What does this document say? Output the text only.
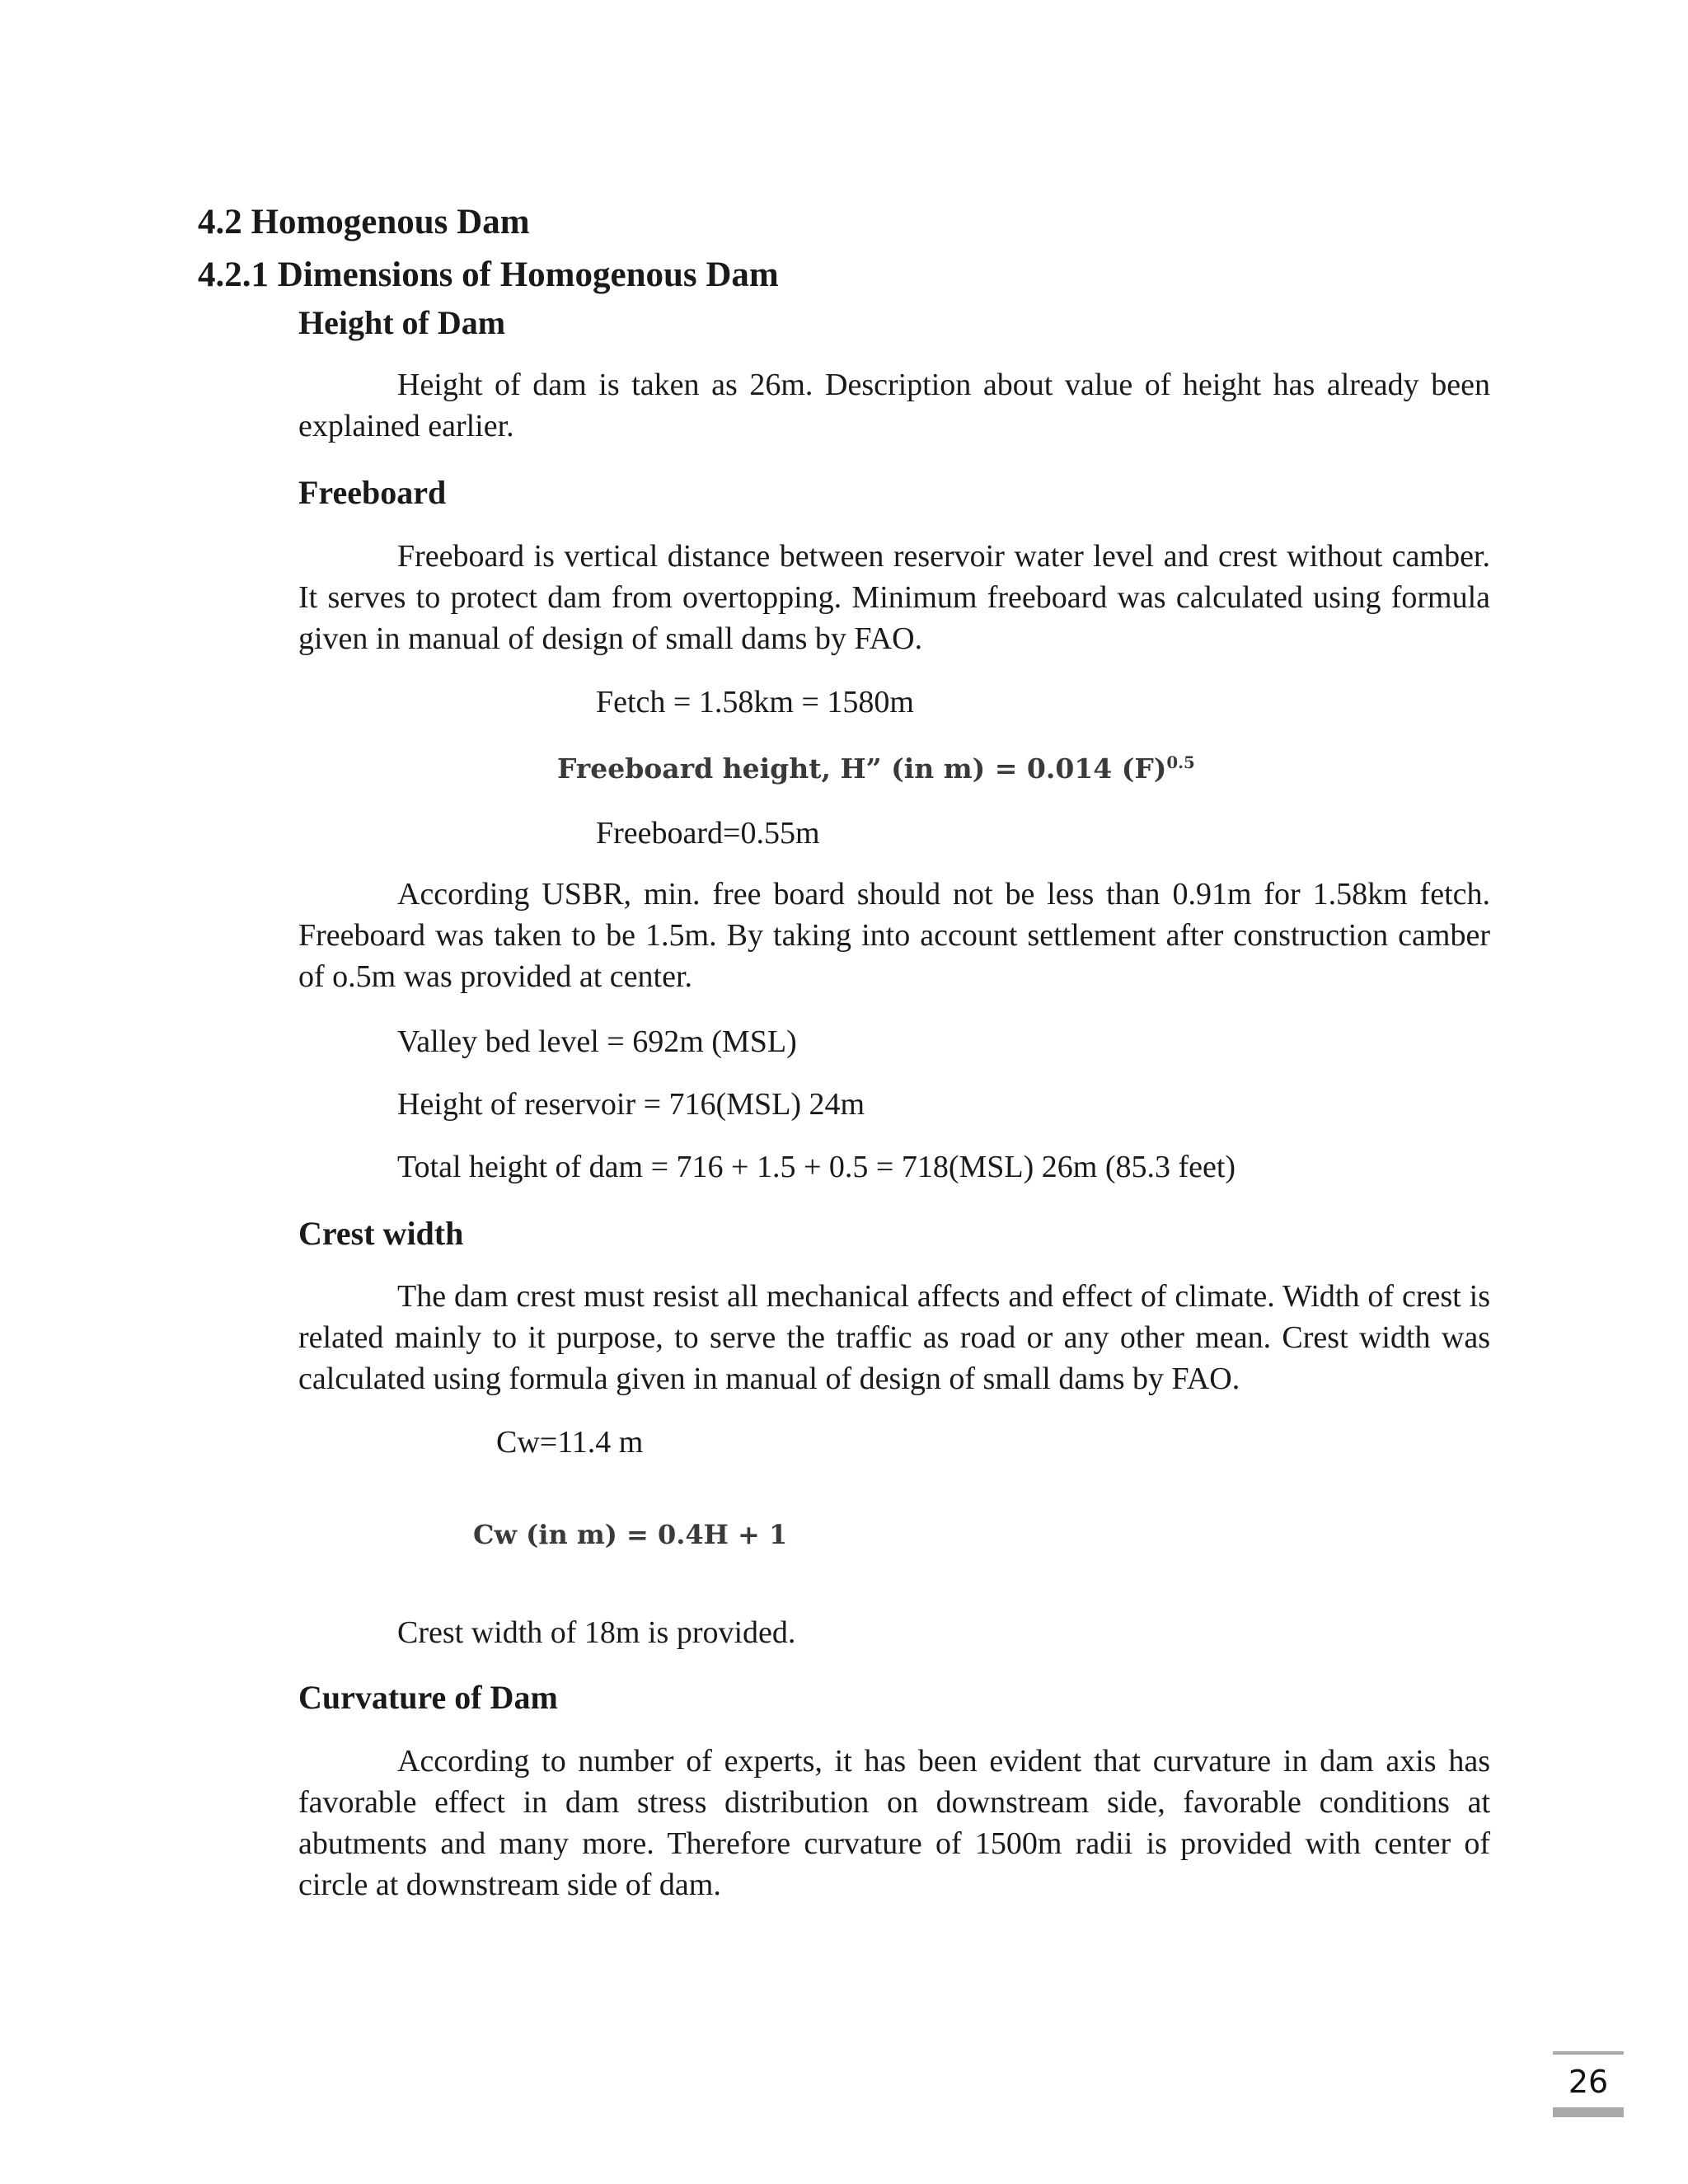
4.2 Homogenous Dam
4.2.1 Dimensions of Homogenous Dam
Height of Dam

Height of dam is taken as 26m. Description about value of height has already been explained earlier.

Freeboard

Freeboard is vertical distance between reservoir water level and crest without camber. It serves to protect dam from overtopping. Minimum freeboard was calculated using formula given in manual of design of small dams by FAO.

Fetch = 1.58km = 1580m
Freeboard height, H” (in m) = 0.014 $(F)^{0.5}$
Freeboard=0.55m

According USBR, min. free board should not be less than 0.91m for 1.58km fetch. Freeboard was taken to be 1.5m. By taking into account settlement after construction camber of o.5m was provided at center.

Valley bed level = 692m (MSL)
Height of reservoir = 716(MSL) 24m
Total height of dam = 716 + 1.5 + 0.5 = 718(MSL) 26m (85.3 feet)
Crest width

The dam crest must resist all mechanical affects and effect of climate. Width of crest is related mainly to it purpose, to serve the traffic as road or any other mean. Crest width was calculated using formula given in manual of design of small dams by FAO.

Cw=11.4 m
Cw (in m) = 0.4H + 1
Crest width of 18m is provided.
Curvature of Dam

According to number of experts, it has been evident that curvature in dam axis has favorable effect in dam stress distribution on downstream side, favorable conditions at abutments and many more. Therefore curvature of 1500m radii is provided with center of circle at downstream side of dam.

26
